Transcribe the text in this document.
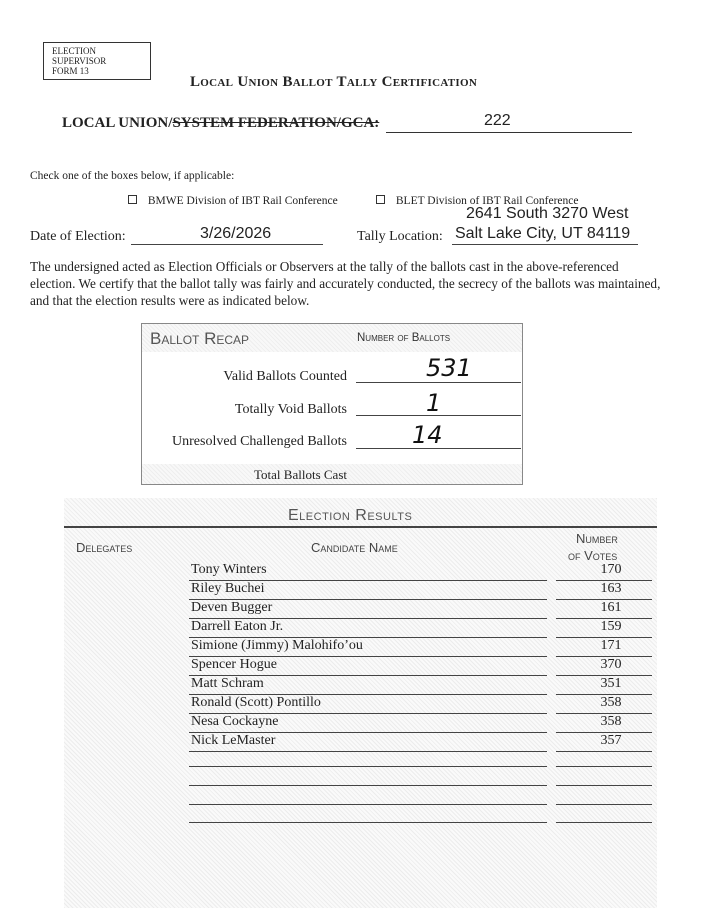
ELECTION
SUPERVISOR
FORM 13
Local Union Ballot Tally Certification
LOCAL UNION/SYSTEM FEDERATION/GCA:	222
Check one of the boxes below, if applicable:
BMWE Division of IBT Rail Conference	BLET Division of IBT Rail Conference
Date of Election:	3/26/2026	Tally Location:
2641 South 3270 West
Salt Lake City, UT 84119
The undersigned acted as Election Officials or Observers at the tally of the ballots cast in the above-referenced election. We certify that the ballot tally was fairly and accurately conducted, the secrecy of the ballots was maintained, and that the election results were as indicated below.
Ballot Recap	Number of Ballots
Valid Ballots Counted	531
Totally Void Ballots	1
Unresolved Challenged Ballots	14
Total Ballots Cast
Election Results
Delegates	Candidate Name
Number
of Votes
Tony Winters	170
Riley Buchei	163
Deven Bugger	161
Darrell Eaton Jr.	159
Simione (Jimmy) Malohifo’ou	171
Spencer Hogue	370
Matt Schram	351
Ronald (Scott) Pontillo	358
Nesa Cockayne	358
Nick LeMaster	357
